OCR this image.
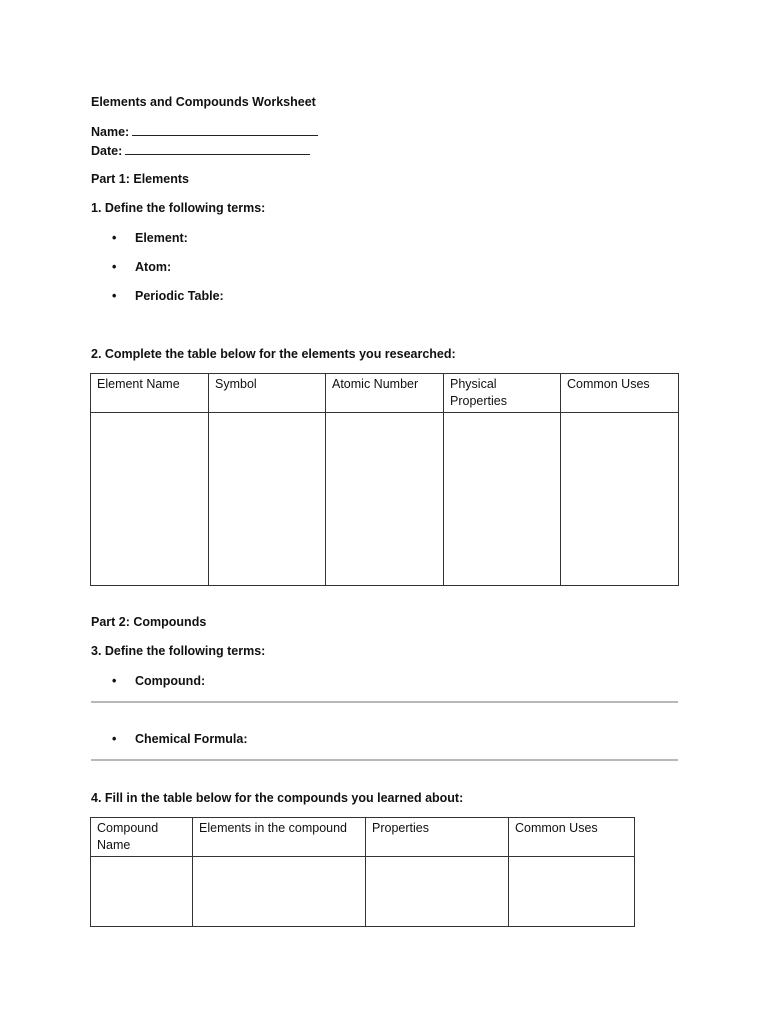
Elements and Compounds Worksheet
Name:
Date:
Part 1: Elements
1. Define the following terms:
• Element:
• Atom:
• Periodic Table:
2. Complete the table below for the elements you researched:
Element Name	Symbol	Atomic Number	Physical Properties	Common Uses

Part 2: Compounds
3. Define the following terms:
• Compound:
• Chemical Formula:
4. Fill in the table below for the compounds you learned about:
Compound Name	Elements in the compound	Properties	Common Uses
